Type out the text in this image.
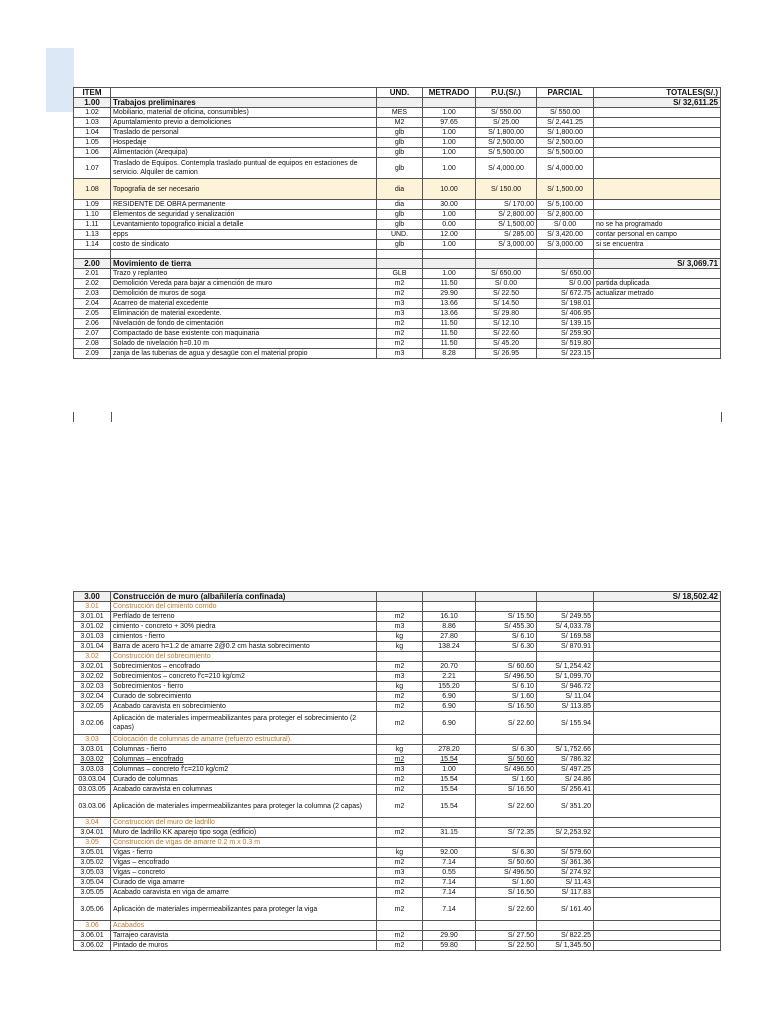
ITEM		UND.	METRADO	P.U.(S/.)	PARCIAL	TOTALES(S/.)
1.00	Trabajos preliminares					S/ 32,611.25
1.02	Mobiliario, material de oficina, consumibles)	MES	1.00	S/ 550.00	S/ 550.00	
1.03	Apuntalamiento previo a demoliciones	M2	97.65	S/ 25.00	S/ 2,441.25	
1.04	Traslado de personal	glb	1.00	S/ 1,800.00	S/ 1,800.00	
1.05	Hospedaje	glb	1.00	S/ 2,500.00	S/ 2,500.00	
1.06	Alimentación (Arequipa)	glb	1.00	S/ 5,500.00	S/ 5,500.00	
1.07	Traslado de Equipos. Contempla traslado puntual de equipos en estaciones de servicio. Alquiler de camion	glb	1.00	S/ 4,000.00	S/ 4,000.00	
1.08	Topografia de ser necesario	dia	10.00	S/ 150.00	S/ 1,500.00	
1.09	RESIDENTE DE OBRA permanente	dia	30.00	S/ 170.00	S/ 5,100.00	
1.10	Elementos de seguridad y senalización	glb	1.00	S/ 2,800.00	S/ 2,800.00	
1.11	Levantamiento topografico inicial a detalle	glb	0.00	S/ 1,500.00	S/ 0.00	no se ha programado
1.13	epps	UND.	12.00	S/ 285.00	S/ 3,420.00	contar personal en campo
1.14	costo de sindicato	glb	1.00	S/ 3,000.00	S/ 3,000.00	si se encuentra

2.00	Movimiento de tierra					S/ 3,069.71
2.01	Trazo y replanteo	GLB	1.00	S/ 650.00	S/ 650.00	
2.02	Demolición Vereda para bajar a cimención de muro	m2	11.50	S/ 0.00	S/ 0.00	partida duplicada
2.03	Demolición de muros de soga	m2	29.90	S/ 22.50	S/ 672.75	actualizar metrado
2.04	Acarreo de material excedente	m3	13.66	S/ 14.50	S/ 198.01	
2.05	Eliminación de material excedente.	m3	13.66	S/ 29.80	S/ 406.95	
2.06	Nivelación de fondo de cimentación	m2	11.50	S/ 12.10	S/ 139.15	
2.07	Compactado de base existente con maquinaria	m2	11.50	S/ 22.60	S/ 259.90	
2.08	Solado de nivelación h=0.10 m	m2	11.50	S/ 45.20	S/ 519.80	
2.09	zanja de las tuberias de agua y desagüe con el material propio	m3	8.28	S/ 26.95	S/ 223.15	
3.00	Construcción de muro (albañilería confinada)					S/ 18,502.42
3.01	Construcción del cimiento corrido					
3.01.01	Perfilado de terreno	m2	16.10	S/ 15.50	S/ 249.55	
3.01.02	cimiento - concreto + 30% piedra	m3	8.86	S/ 455.30	S/ 4,033.78	
3.01.03	cimientos - fierro	kg	27.80	S/ 6.10	S/ 169.58	
3.01.04	Barra de acero h=1.2 de amarre 2@0.2 cm hasta sobrecimento	kg	138.24	S/ 6.30	S/ 870.91	
3.02	Construcción del sobrecimiento					
3.02.01	Sobrecimientos – encofrado	m2	20.70	S/ 60.60	S/ 1,254.42	
3.02.02	Sobrecimientos – concreto f'c=210 kg/cm2	m3	2.21	S/ 496.50	S/ 1,099.70	
3.02.03	Sobrecimientos - fierro	kg	155.20	S/ 6.10	S/ 946.72	
3.02.04	Curado de sobrecimiento	m2	6.90	S/ 1.60	S/ 11.04	
3.02.05	Acabado caravista en sobrecimiento	m2	6.90	S/ 16.50	S/ 113.85	
3.02.06	Aplicación de materiales impermeabilizantes para proteger el sobrecimiento (2 capas)	m2	6.90	S/ 22.60	S/ 155.94	
3.03	Colocación de columnas de amarre (refuerzo estructural).					
3.03.01	Columnas - fierro	kg	278.20	S/ 6.30	S/ 1,752.66	
3.03.02	Columnas – encofrado	m2	15.54	S/ 50.60	S/ 786.32	
3.03.03	Columnas – concreto f'c=210 kg/cm2	m3	1.00	S/ 496.50	S/ 497.25	
03.03.04	Curado de columnas	m2	15.54	S/ 1.60	S/ 24.86	
03.03.05	Acabado caravista en columnas	m2	15.54	S/ 16.50	S/ 256.41	
03.03.06	Aplicación de materiales impermeabilizantes para proteger la columna (2 capas)	m2	15.54	S/ 22.60	S/ 351.20	
3.04	Construcción del muro de ladrillo					
3.04.01	Muro de ladrillo KK aparejo tipo soga (edificio)	m2	31.15	S/ 72.35	S/ 2,253.92	
3.05	Construcción de vigas de amarre 0.2 m x 0.3 m					
3.05.01	Vigas - fierro	kg	92.00	S/ 6.30	S/ 579.60	
3.05.02	Vigas – encofrado	m2	7.14	S/ 50.60	S/ 361.36	
3.05.03	Vigas – concreto	m3	0.55	S/ 496.50	S/ 274.92	
3.05.04	Curado de viga amarre	m2	7.14	S/ 1.60	S/ 11.43	
3.05.05	Acabado caravista en viga de amarre	m2	7.14	S/ 16.50	S/ 117.83	
3.05.06	Aplicación de materiales impermeabilizantes para proteger la viga	m2	7.14	S/ 22.60	S/ 161.40	
3.06	Acabados					
3.06.01	Tarrajeo caravista	m2	29.90	S/ 27.50	S/ 822.25	
3.06.02	Pintado de muros	m2	59.80	S/ 22.50	S/ 1,345.50	
